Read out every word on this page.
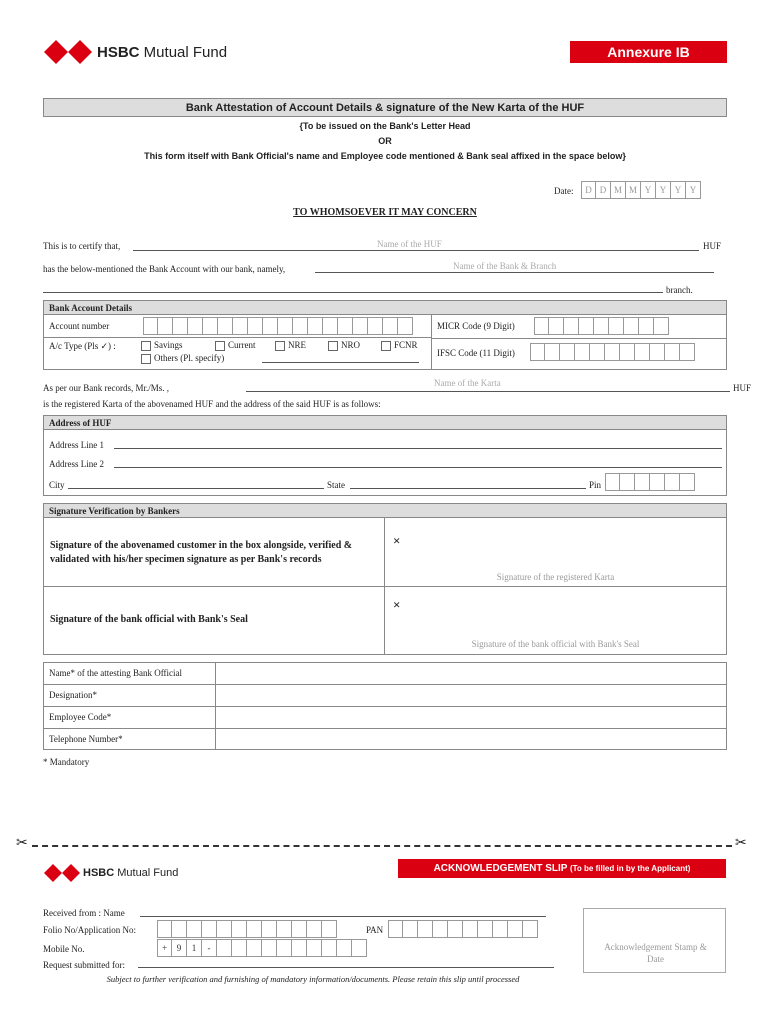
HSBC Mutual Fund	Annexure IB
Bank Attestation of Account Details & signature of the New Karta of the HUF
{To be issued on the Bank's Letter Head
OR
This form itself with Bank Official's name and Employee code mentioned & Bank seal affixed in the space below}
Date:	D D M M Y Y Y Y
TO WHOMSOEVER IT MAY CONCERN
This is to certify that,	Name of the HUF	HUF
has the below-mentioned the Bank Account with our bank, namely,	Name of the Bank & Branch
branch.
Bank Account Details
Account number	MICR Code (9 Digit)
A/c Type (Pls ✓) :	Savings	Current	NRE	NRO	FCNR
Others (Pl. specify)	IFSC Code (11 Digit)
As per our Bank records, Mr./Ms. ,	Name of the Karta	HUF
is the registered Karta of the abovenamed HUF and the address of the said HUF is as follows:
Address of HUF
Address Line 1
Address Line 2
City	State	Pin
Signature Verification by Bankers
Signature of the abovenamed customer in the box alongside, verified & validated with his/her specimen signature as per Bank's records
×
Signature of the registered Karta
Signature of the bank official with Bank's Seal
×
Signature of the bank official with Bank's Seal
Name* of the attesting Bank Official
Designation*
Employee Code*
Telephone Number*
* Mandatory
✂	✂
HSBC Mutual Fund	ACKNOWLEDGEMENT SLIP (To be filled in by the Applicant)
Received from : Name
Folio No/Application No:	PAN
Mobile No.	+	9	1	-
Request submitted for:
Acknowledgement Stamp & Date
Subject to further verification and furnishing of mandatory information/documents. Please retain this slip until processed
